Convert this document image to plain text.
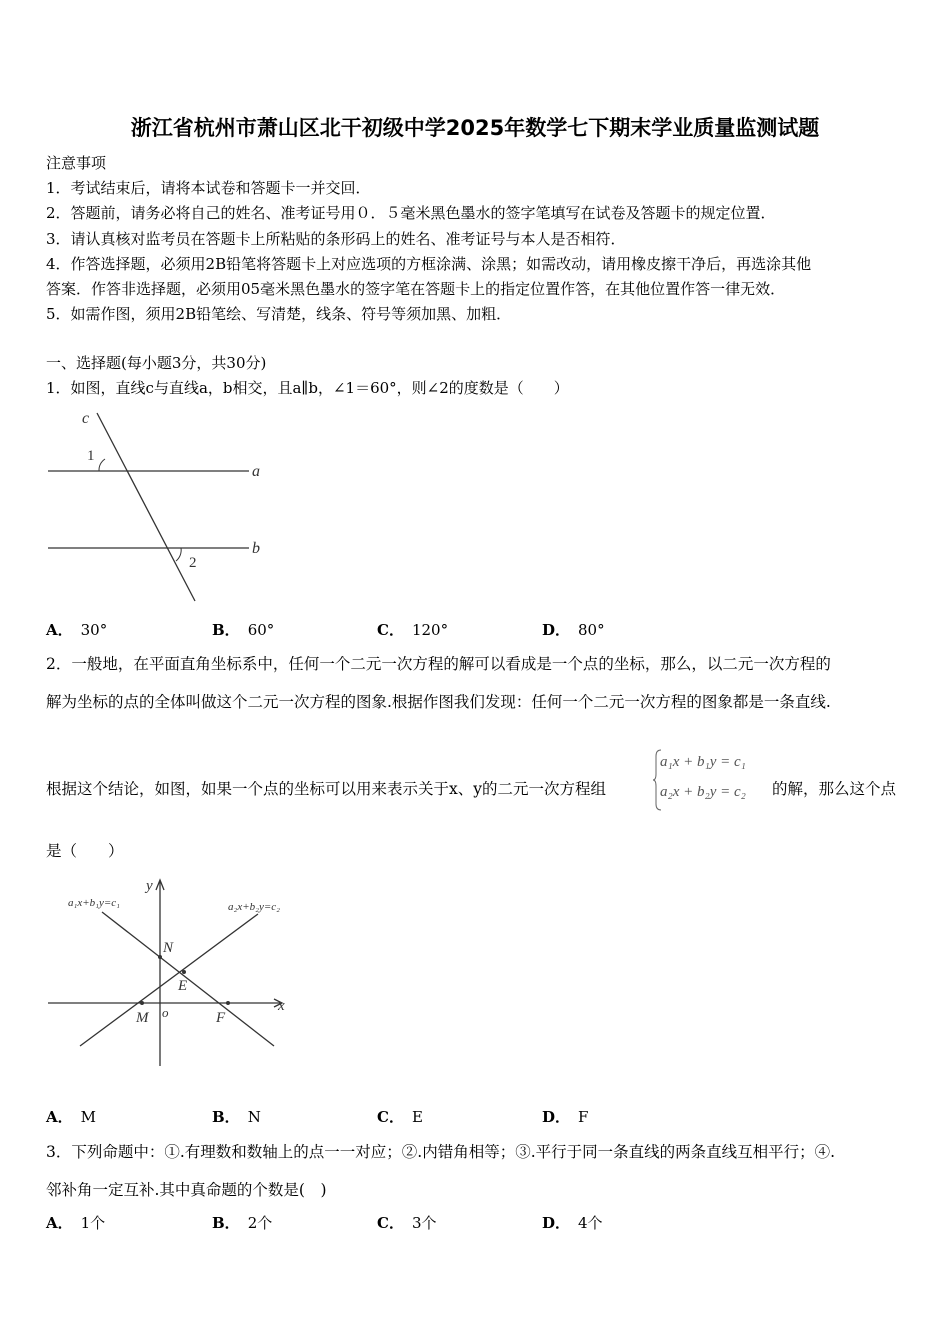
浙江省杭州市萧山区北干初级中学2025年数学七下期末学业质量监测试题
注意事项
1．考试结束后，请将本试卷和答题卡一并交回．
2．答题前，请务必将自己的姓名、准考证号用０．５毫米黑色墨水的签字笔填写在试卷及答题卡的规定位置．
3．请认真核对监考员在答题卡上所粘贴的条形码上的姓名、准考证号与本人是否相符．
4．作答选择题，必须用2B铅笔将答题卡上对应选项的方框涂满、涂黑；如需改动，请用橡皮擦干净后，再选涂其他
答案．作答非选择题，必须用05毫米黑色墨水的签字笔在答题卡上的指定位置作答，在其他位置作答一律无效．
5．如需作图，须用2B铅笔绘、写清楚，线条、符号等须加黑、加粗．
一、选择题(每小题3分，共30分)
1．如图，直线c与直线a，b相交，且a∥b，∠1＝60°，则∠2的度数是（　　）
c
1
a
b
2
A． 30°	B． 60°	C． 120°	D． 80°
2．一般地，在平面直角坐标系中，任何一个二元一次方程的解可以看成是一个点的坐标，那么，以二元一次方程的
解为坐标的点的全体叫做这个二元一次方程的图象.根据作图我们发现：任何一个二元一次方程的图象都是一条直线.
根据这个结论，如图，如果一个点的坐标可以用来表示关于x、y的二元一次方程组
a₁x + b₁y = c₁
a₂x + b₂y = c₂ 的解，那么这个点
是（　　）
a₁x+b₁y=c₁	a₂x+b₂y=c₂
y
x
N
E
M o	F
A． M	B． N	C． E	D． F
3．下列命题中：①.有理数和数轴上的点一一对应；②.内错角相等；③.平行于同一条直线的两条直线互相平行；④.
邻补角一定互补.其中真命题的个数是(　)
A． 1个	B． 2个	C． 3个	D． 4个
